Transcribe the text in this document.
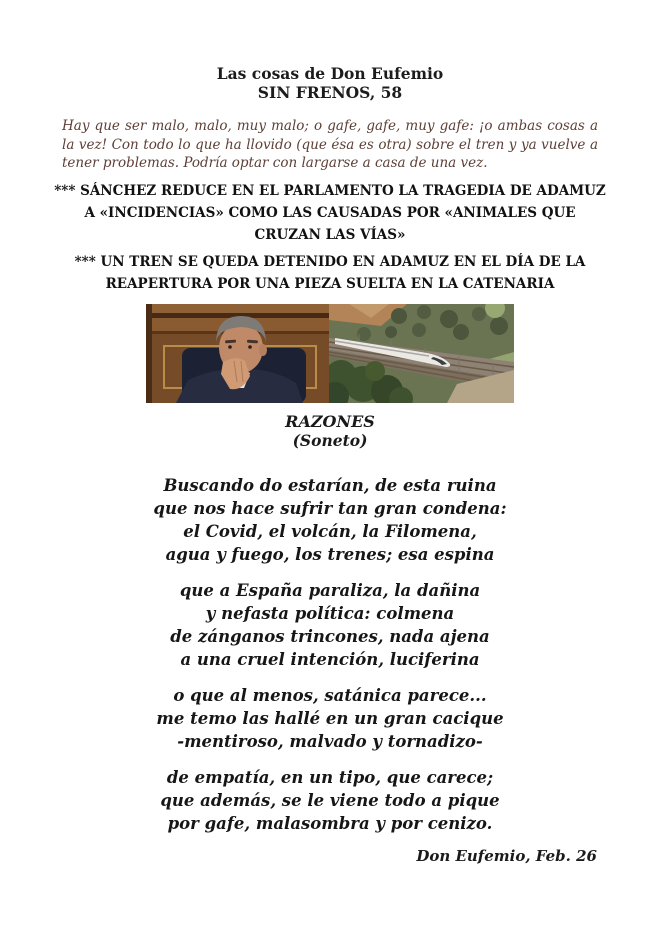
Las cosas de Don Eufemio
SIN FRENOS, 58

Hay que ser malo, malo, muy malo; o gafe, gafe, muy gafe: ¡o ambas cosas a la vez! Con todo lo que ha llovido (que ésa es otra) sobre el tren y ya vuelve a tener problemas. Podría optar con largarse a casa de una vez.

*** SÁNCHEZ REDUCE EN EL PARLAMENTO LA TRAGEDIA DE ADAMUZ A «INCIDENCIAS» COMO LAS CAUSADAS POR «ANIMALES QUE CRUZAN LAS VÍAS»
*** UN TREN SE QUEDA DETENIDO EN ADAMUZ EN EL DÍA DE LA REAPERTURA POR UNA PIEZA SUELTA EN LA CATENARIA
RAZONES
(Soneto)
Buscando do estarían, de esta ruina
que nos hace sufrir tan gran condena:
el Covid, el volcán, la Filomena,
agua y fuego, los trenes; esa espina
que a España paraliza, la dañina
y nefasta política: colmena
de zánganos trincones, nada ajena
a una cruel intención, luciferina
o que al menos, satánica parece...
me temo las hallé en un gran cacique
-mentiroso, malvado y tornadizo-
de empatía, en un tipo, que carece;
que además, se le viene todo a pique
por gafe, malasombra y por cenizo.
Don Eufemio, Feb. 26
